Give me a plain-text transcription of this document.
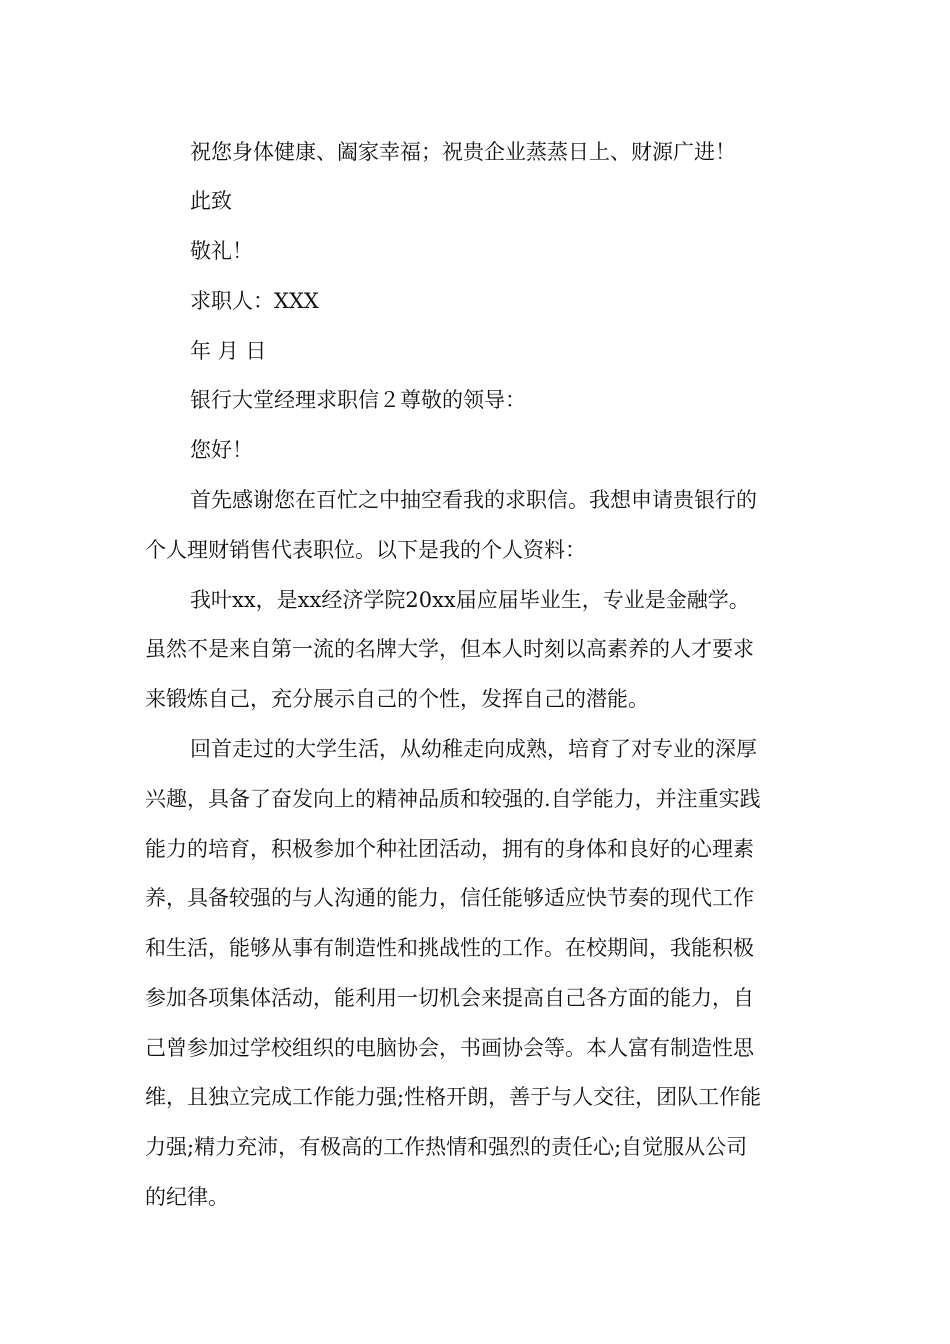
祝您身体健康、阖家幸福；祝贵企业蒸蒸日上、财源广进！
此致
敬礼！
求职人：XXX
年 月 日
银行大堂经理求职信２尊敬的领导：
您好！
首先感谢您在百忙之中抽空看我的求职信。我想申请贵银行的
个人理财销售代表职位。以下是我的个人资料：
我叶xx，是xx经济学院20xx届应届毕业生，专业是金融学。
虽然不是来自第一流的名牌大学，但本人时刻以高素养的人才要求
来锻炼自己，充分展示自己的个性，发挥自己的潜能。
回首走过的大学生活，从幼稚走向成熟，培育了对专业的深厚
兴趣，具备了奋发向上的精神品质和较强的.自学能力，并注重实践
能力的培育，积极参加个种社团活动，拥有的身体和良好的心理素
养，具备较强的与人沟通的能力，信任能够适应快节奏的现代工作
和生活，能够从事有制造性和挑战性的工作。在校期间，我能积极
参加各项集体活动，能利用一切机会来提高自己各方面的能力，自
己曾参加过学校组织的电脑协会，书画协会等。本人富有制造性思
维，且独立完成工作能力强;性格开朗，善于与人交往，团队工作能
力强;精力充沛，有极高的工作热情和强烈的责任心;自觉服从公司
的纪律。
